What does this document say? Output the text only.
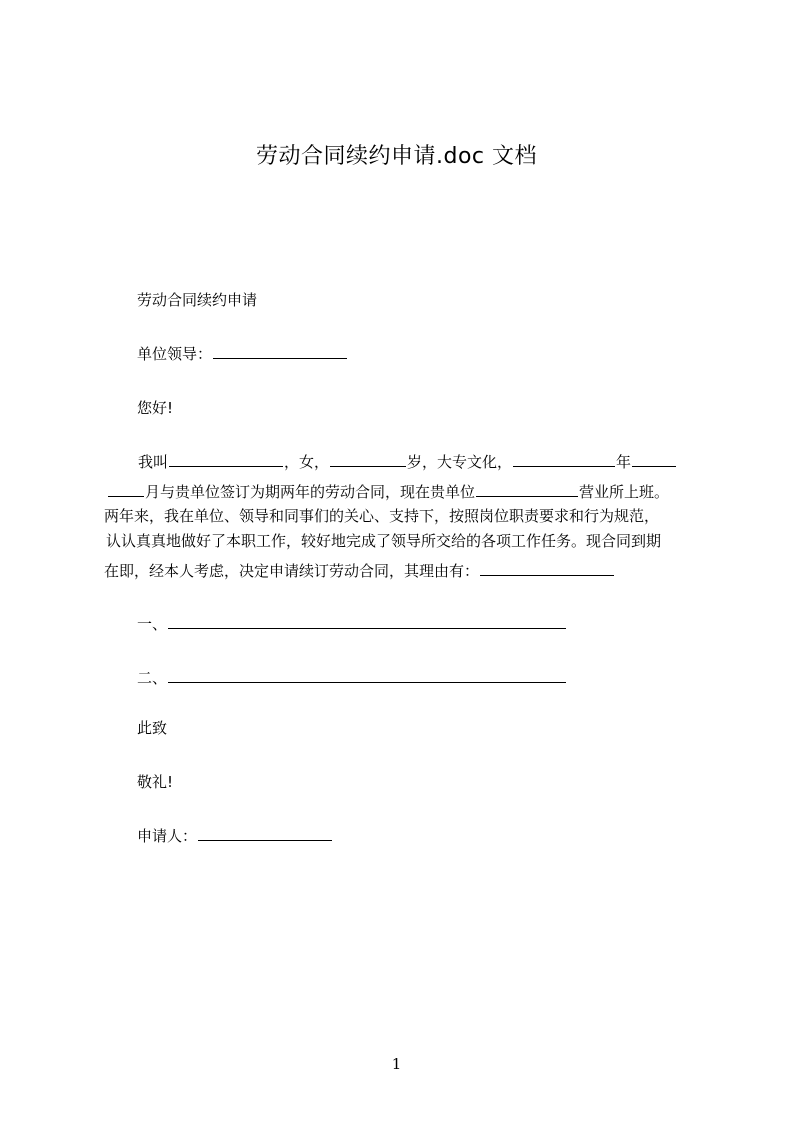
劳动合同续约申请.doc 文档
劳动合同续约申请
单位领导：
您好!
我叫	，女，	岁，大专文化，	年
月与贵单位签订为期两年的劳动合同，现在贵单位	营业所上班。
两年来，我在单位、领导和同事们的关心、支持下，按照岗位职责要求和行为规范，
认认真真地做好了本职工作，较好地完成了领导所交给的各项工作任务。现合同到期
在即，经本人考虑，决定申请续订劳动合同，其理由有：
一、
二、
此致
敬礼!
申请人：
1
